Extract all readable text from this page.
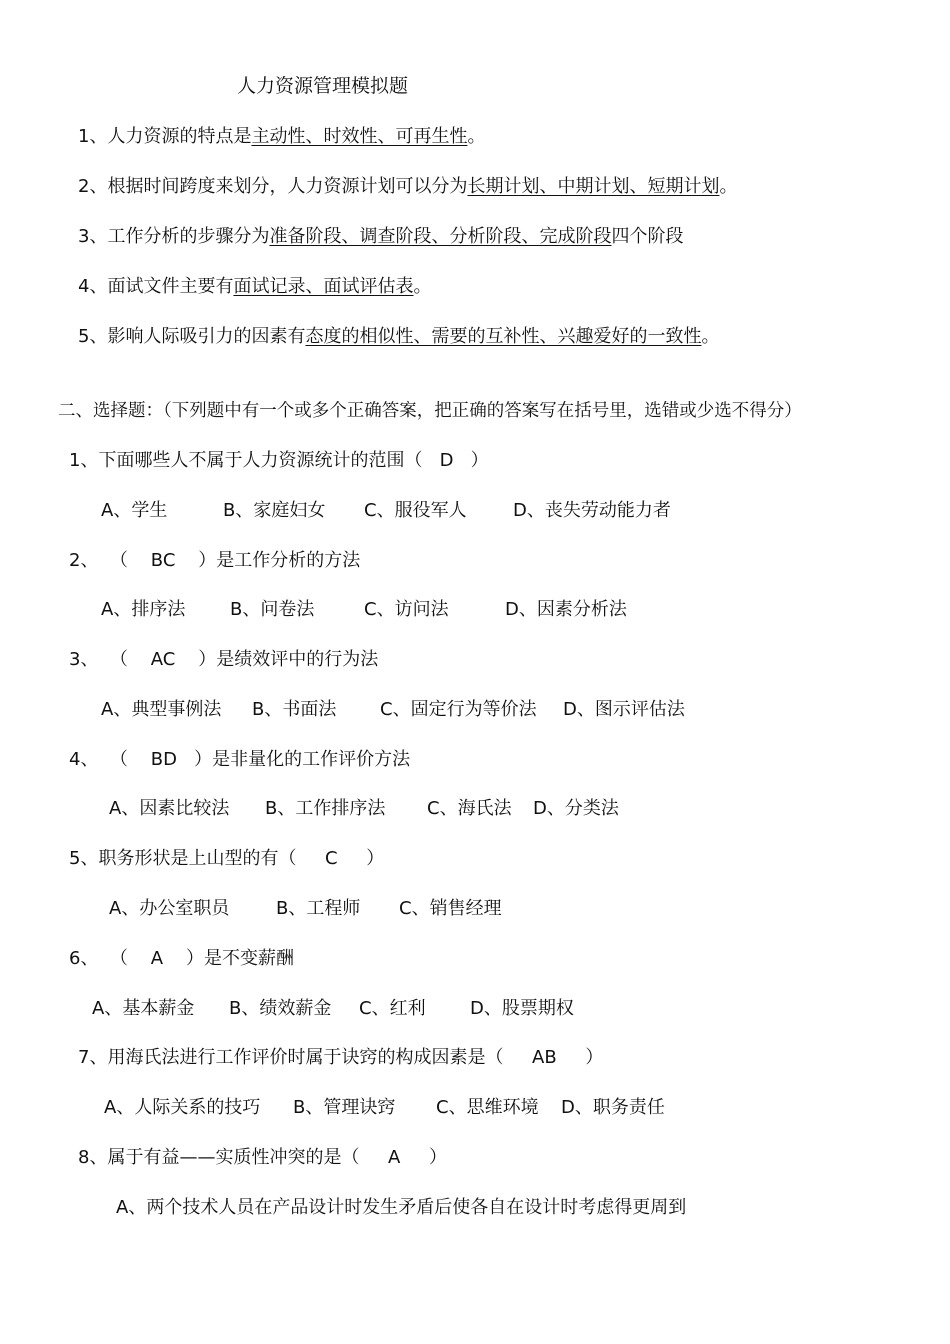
人力资源管理模拟题
1、人力资源的特点是主动性、时效性、可再生性。
2、根据时间跨度来划分，人力资源计划可以分为长期计划、中期计划、短期计划。
3、工作分析的步骤分为准备阶段、调查阶段、分析阶段、完成阶段四个阶段
4、面试文件主要有面试记录、面试评估表。
5、影响人际吸引力的因素有态度的相似性、需要的互补性、兴趣爱好的一致性。
二、选择题：（下列题中有一个或多个正确答案，把正确的答案写在括号里，选错或少选不得分）
1、下面哪些人不属于人力资源统计的范围（   D   ）
A、学生	B、家庭妇女 C、服役军人	D、丧失劳动能力者
2、  （    BC    ）是工作分析的方法
A、排序法 B、问卷法	C、访问法	D、因素分析法
3、  （    AC    ）是绩效评中的行为法
A、典型事例法 B、书面法 C、固定行为等价法 D、图示评估法
4、  （    BD   ）是非量化的工作评价方法
A、因素比较法 B、工作排序法 C、海氏法 D、分类法
5、职务形状是上山型的有（     C     ）
A、办公室职员	B、工程师 C、销售经理
6、  （    A    ）是不变薪酬
A、基本薪金 B、绩效薪金 C、红利 D、股票期权
7、用海氏法进行工作评价时属于诀窍的构成因素是（     AB     ）
A、人际关系的技巧 B、管理诀窍 C、思维环境 D、职务责任
8、属于有益——实质性冲突的是（     A     ）
A、两个技术人员在产品设计时发生矛盾后使各自在设计时考虑得更周到
